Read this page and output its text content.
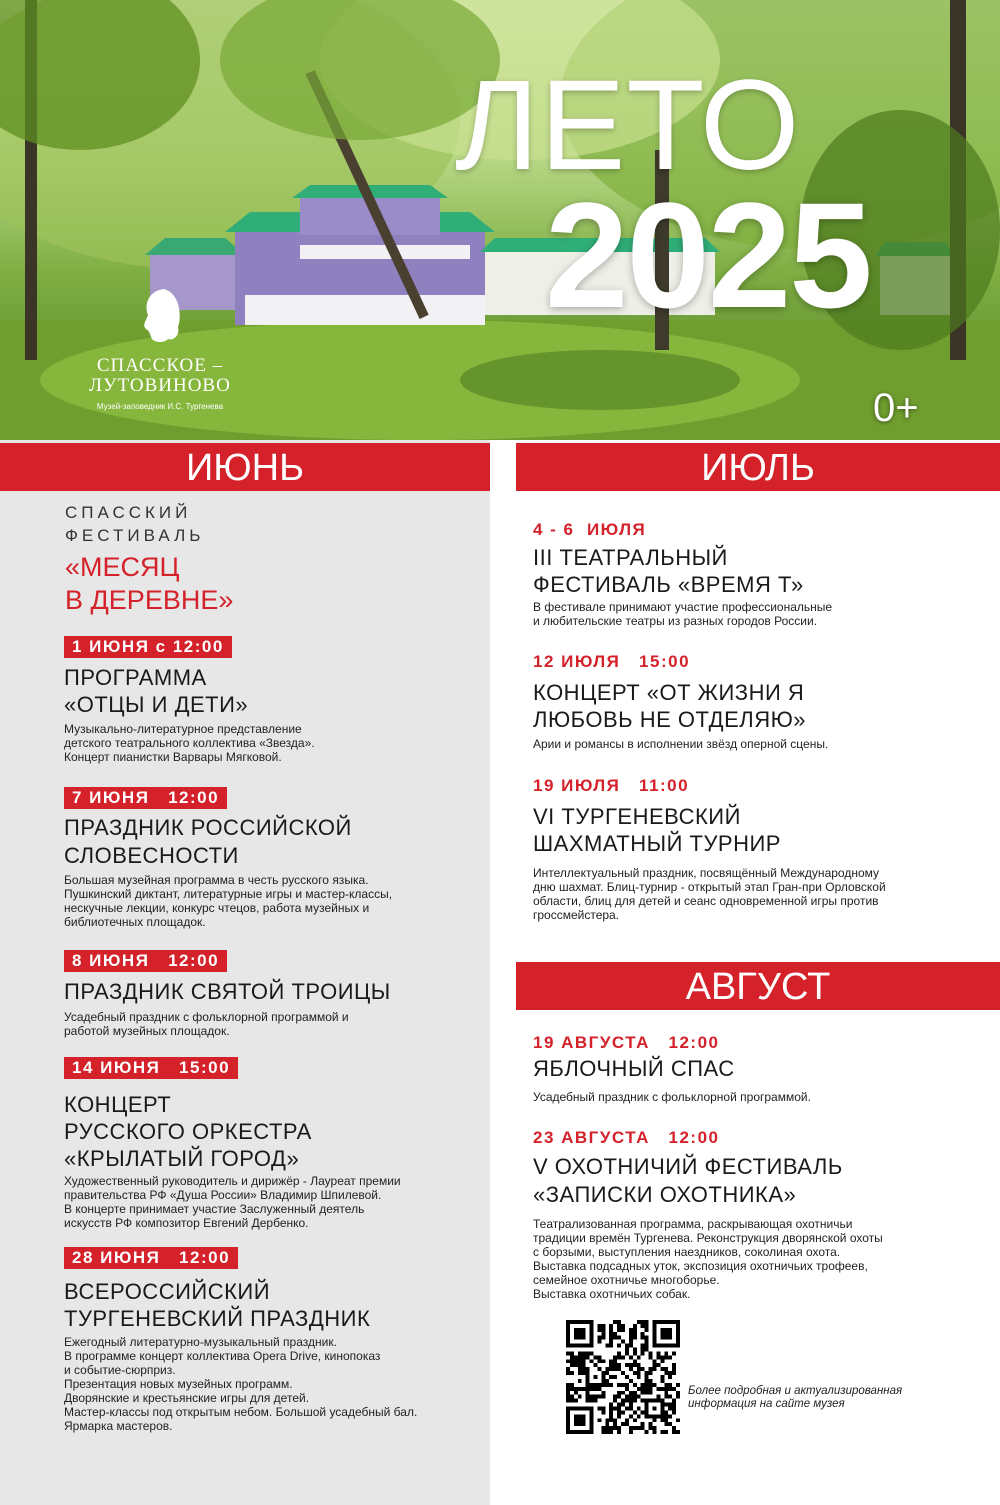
СПАССКОЕ –
ЛУТОВИНОВО
Музей-заповедник И.С. Тургенева
ЛЕТО
2025
0+
ИЮНЬ	ИЮЛЬ
АВГУСТ
СПАССКИЙ
ФЕСТИВАЛЬ
«МЕСЯЦ
В ДЕРЕВНЕ»
1 ИЮНЯ с 12:00

ПРОГРАММА

«ОТЦЫ И ДЕТИ»

Музыкально-литературное представление
детского театрального коллектива «Звезда».
Концерт пианистки Варвары Мягковой.

7 ИЮНЯ   12:00

ПРАЗДНИК РОССИЙСКОЙ

СЛОВЕСНОСТИ

Большая музейная программа в честь русского языка.
Пушкинский диктант, литературные игры и мастер-классы,
нескучные лекции, конкурс чтецов, работа музейных и
библиотечных площадок.

8 ИЮНЯ   12:00

ПРАЗДНИК СВЯТОЙ ТРОИЦЫ

Усадебный праздник с фольклорной программой и
работой музейных площадок.

14 ИЮНЯ   15:00

КОНЦЕРТ

РУССКОГО ОРКЕСТРА

«КРЫЛАТЫЙ ГОРОД»

Художественный руководитель и дирижёр - Лауреат премии
правительства РФ «Душа России» Владимир Шпилевой.
В концерте принимает участие Заслуженный деятель
искусств РФ композитор Евгений Дербенко.

28 ИЮНЯ   12:00

ВСЕРОССИЙСКИЙ

ТУРГЕНЕВСКИЙ ПРАЗДНИК

Ежегодный литературно-музыкальный праздник.
В программе концерт коллектива Opera Drive, кинопоказ
и событие-сюрприз.
Презентация новых музейных программ.
Дворянские и крестьянские игры для детей.
Мастер-классы под открытым небом. Большой усадебный бал.
Ярмарка мастеров.

4 - 6  ИЮЛЯ

III ТЕАТРАЛЬНЫЙ

ФЕСТИВАЛЬ «ВРЕМЯ Т»

В фестивале принимают участие профессиональные
и любительские театры из разных городов России.

12 ИЮЛЯ   15:00

КОНЦЕРТ «ОТ ЖИЗНИ Я

ЛЮБОВЬ НЕ ОТДЕЛЯЮ»

Арии и романсы в исполнении звёзд оперной сцены.

19 ИЮЛЯ   11:00

VI ТУРГЕНЕВСКИЙ

ШАХМАТНЫЙ ТУРНИР

Интеллектуальный праздник, посвящённый Международному
дню шахмат. Блиц-турнир - открытый этап Гран-при Орловской
области, блиц для детей и сеанс одновременной игры против
гроссмейстера.

19 АВГУСТА   12:00

ЯБЛОЧНЫЙ СПАС

Усадебный праздник с фольклорной программой.

23 АВГУСТА   12:00

V ОХОТНИЧИЙ ФЕСТИВАЛЬ

«ЗАПИСКИ ОХОТНИКА»

Театрализованная программа, раскрывающая охотничьи
традиции времён Тургенева. Реконструкция дворянской охоты
с борзыми, выступления наездников, соколиная охота.
Выставка подсадных уток, экспозиция охотничьих трофеев,
семейное охотничье многоборье.
Выставка охотничьих собак.

Более подробная и актуализированная
информация на сайте музея
